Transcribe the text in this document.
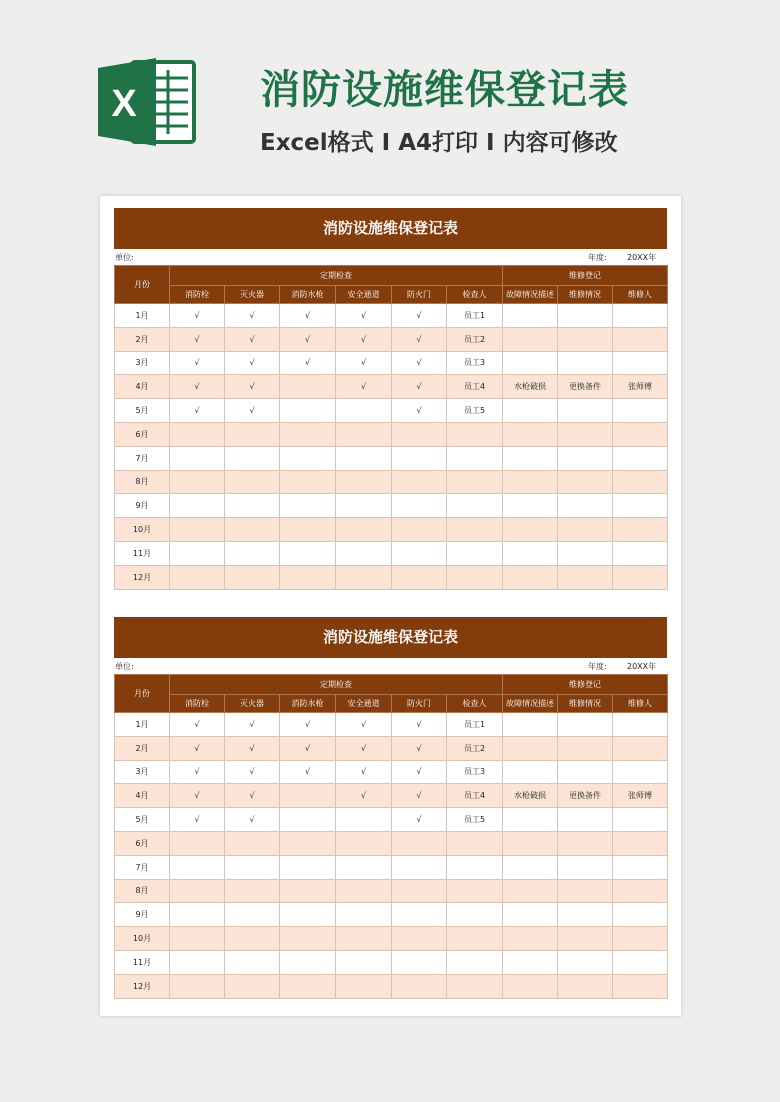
X	消防设施维保登记表
Excel格式 I A4打印 I 内容可修改
消防设施维保登记表
单位:	年度:	20XX年
月份	定期检查						维修登记		
	消防栓	灭火器	消防水枪	安全通道	防火门	检查人	故障情况描述	维修情况	维修人
1月	√	√	√	√	√	员工1			
2月	√	√	√	√	√	员工2			
3月	√	√	√	√	√	员工3			
4月	√	√		√	√	员工4	水枪破损	更换备件	张师傅
5月	√	√			√	员工5			
6月									
7月									
8月									
9月									
10月									
11月									
12月									
消防设施维保登记表
单位:	年度:	20XX年
月份	定期检查						维修登记		
	消防栓	灭火器	消防水枪	安全通道	防火门	检查人	故障情况描述	维修情况	维修人
1月	√	√	√	√	√	员工1			
2月	√	√	√	√	√	员工2			
3月	√	√	√	√	√	员工3			
4月	√	√		√	√	员工4	水枪破损	更换备件	张师傅
5月	√	√			√	员工5			
6月									
7月									
8月									
9月									
10月									
11月									
12月									
